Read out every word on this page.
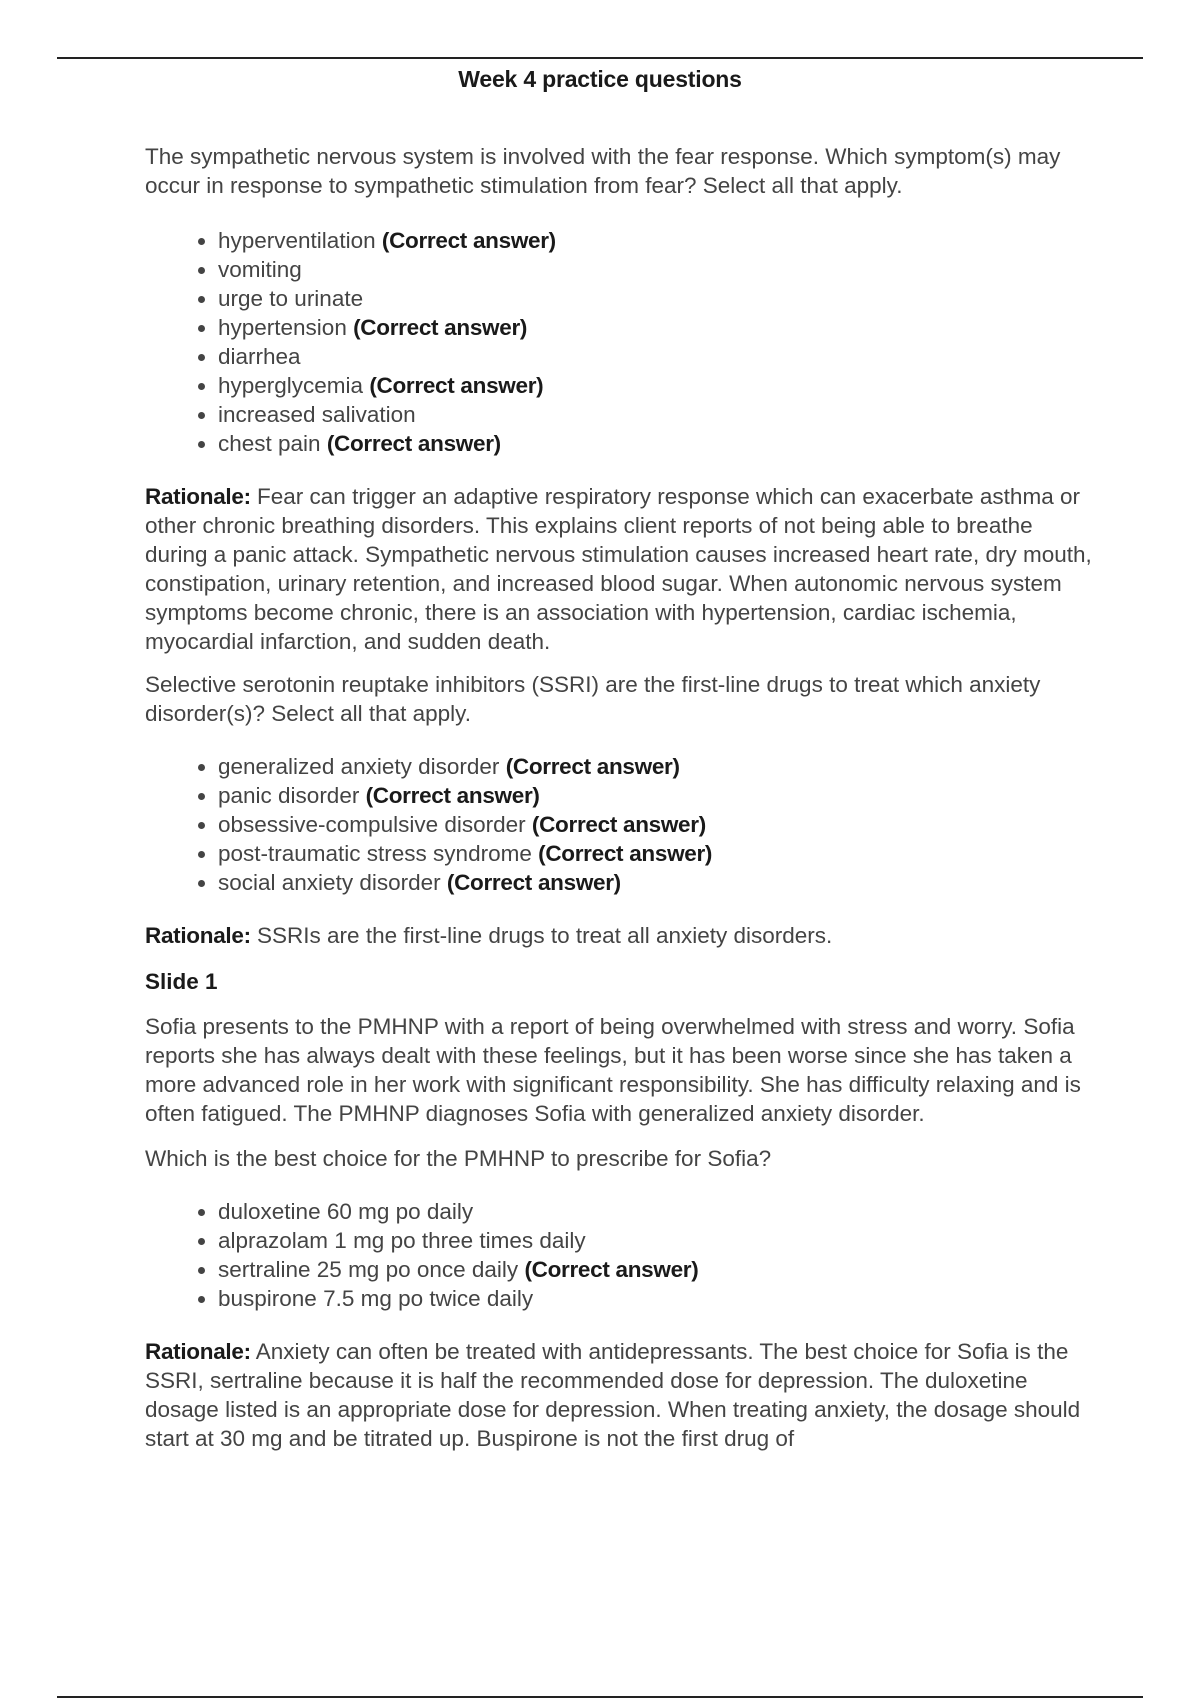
Week 4 practice questions

The sympathetic nervous system is involved with the fear response. Which symptom(s) may occur in response to sympathetic stimulation from fear? Select all that apply.

• hyperventilation (Correct answer)
• vomiting
• urge to urinate
• hypertension (Correct answer)
• diarrhea
• hyperglycemia (Correct answer)
• increased salivation
• chest pain (Correct answer)

Rationale: Fear can trigger an adaptive respiratory response which can exacerbate asthma or other chronic breathing disorders. This explains client reports of not being able to breathe during a panic attack. Sympathetic nervous stimulation causes increased heart rate, dry mouth, constipation, urinary retention, and increased blood sugar. When autonomic nervous system symptoms become chronic, there is an association with hypertension, cardiac ischemia, myocardial infarction, and sudden death.

Selective serotonin reuptake inhibitors (SSRI) are the first-line drugs to treat which anxiety disorder(s)? Select all that apply.

• generalized anxiety disorder (Correct answer)
• panic disorder (Correct answer)
• obsessive-compulsive disorder (Correct answer)
• post-traumatic stress syndrome (Correct answer)
• social anxiety disorder (Correct answer)

Rationale: SSRIs are the first-line drugs to treat all anxiety disorders.

Slide 1

Sofia presents to the PMHNP with a report of being overwhelmed with stress and worry. Sofia reports she has always dealt with these feelings, but it has been worse since she has taken a more advanced role in her work with significant responsibility. She has difficulty relaxing and is often fatigued. The PMHNP diagnoses Sofia with generalized anxiety disorder.

Which is the best choice for the PMHNP to prescribe for Sofia?

• duloxetine 60 mg po daily
• alprazolam 1 mg po three times daily
• sertraline 25 mg po once daily (Correct answer)
• buspirone 7.5 mg po twice daily

Rationale: Anxiety can often be treated with antidepressants. The best choice for Sofia is the SSRI, sertraline because it is half the recommended dose for depression. The duloxetine dosage listed is an appropriate dose for depression. When treating anxiety, the dosage should start at 30 mg and be titrated up. Buspirone is not the first drug of
